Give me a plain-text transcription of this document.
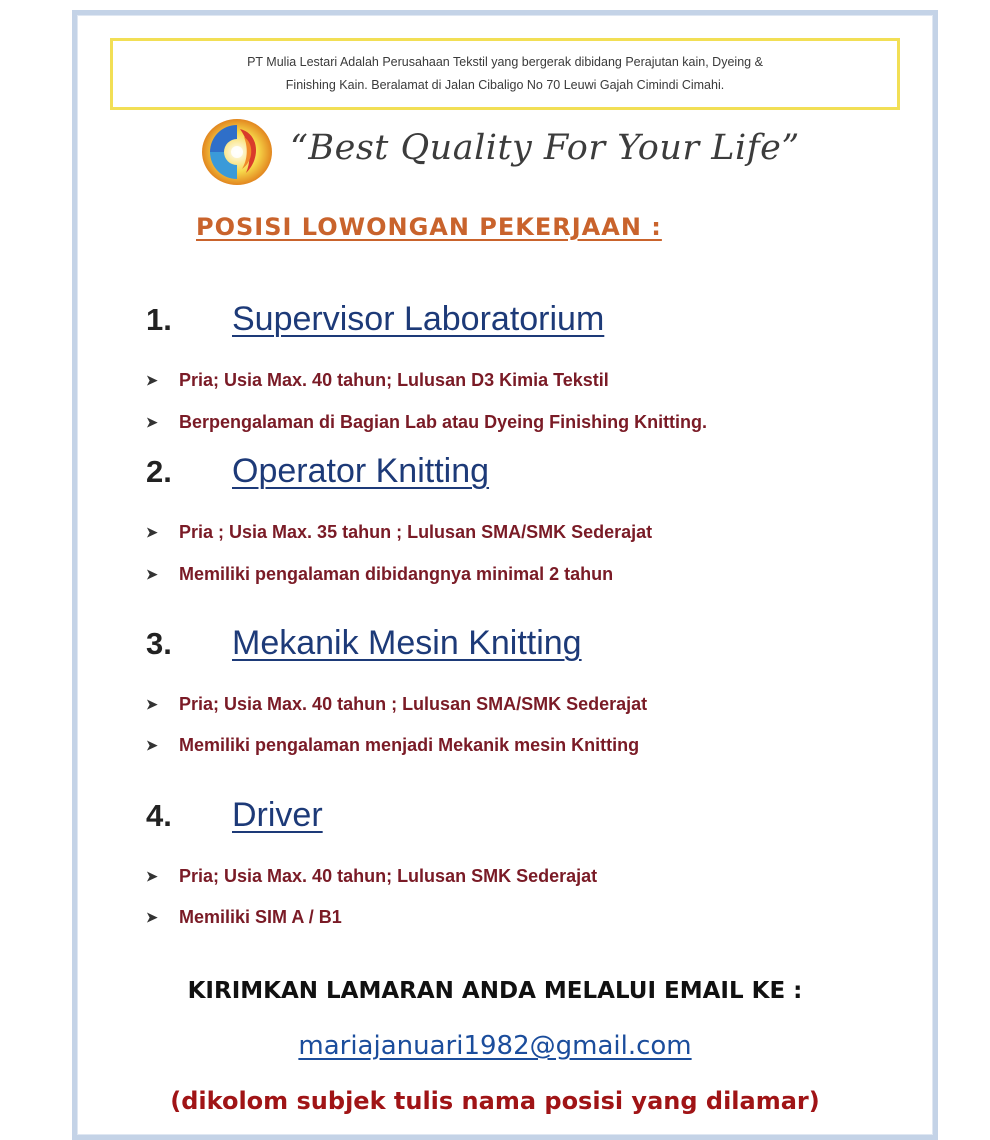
PT Mulia Lestari Adalah Perusahaan Tekstil yang bergerak dibidang Perajutan kain, Dyeing &
Finishing Kain. Beralamat di Jalan Cibaligo No 70 Leuwi Gajah Cimindi Cimahi.
“Best Quality For Your Life”
POSISI LOWONGAN PEKERJAAN :
1.	Supervisor Laboratorium
➤	Pria; Usia Max. 40 tahun; Lulusan D3 Kimia Tekstil
➤	Berpengalaman di Bagian Lab atau Dyeing Finishing Knitting.
2.	Operator Knitting
➤	Pria ; Usia Max. 35 tahun ; Lulusan SMA/SMK Sederajat
➤	Memiliki pengalaman dibidangnya minimal 2 tahun
3.	Mekanik Mesin Knitting
➤	Pria; Usia Max. 40 tahun ; Lulusan SMA/SMK Sederajat
➤	Memiliki pengalaman menjadi Mekanik mesin Knitting
4.	Driver
➤	Pria; Usia Max. 40 tahun; Lulusan SMK Sederajat
➤	Memiliki SIM A / B1
KIRIMKAN LAMARAN ANDA MELALUI EMAIL KE :
mariajanuari1982@gmail.com
(dikolom subjek tulis nama posisi yang dilamar)
